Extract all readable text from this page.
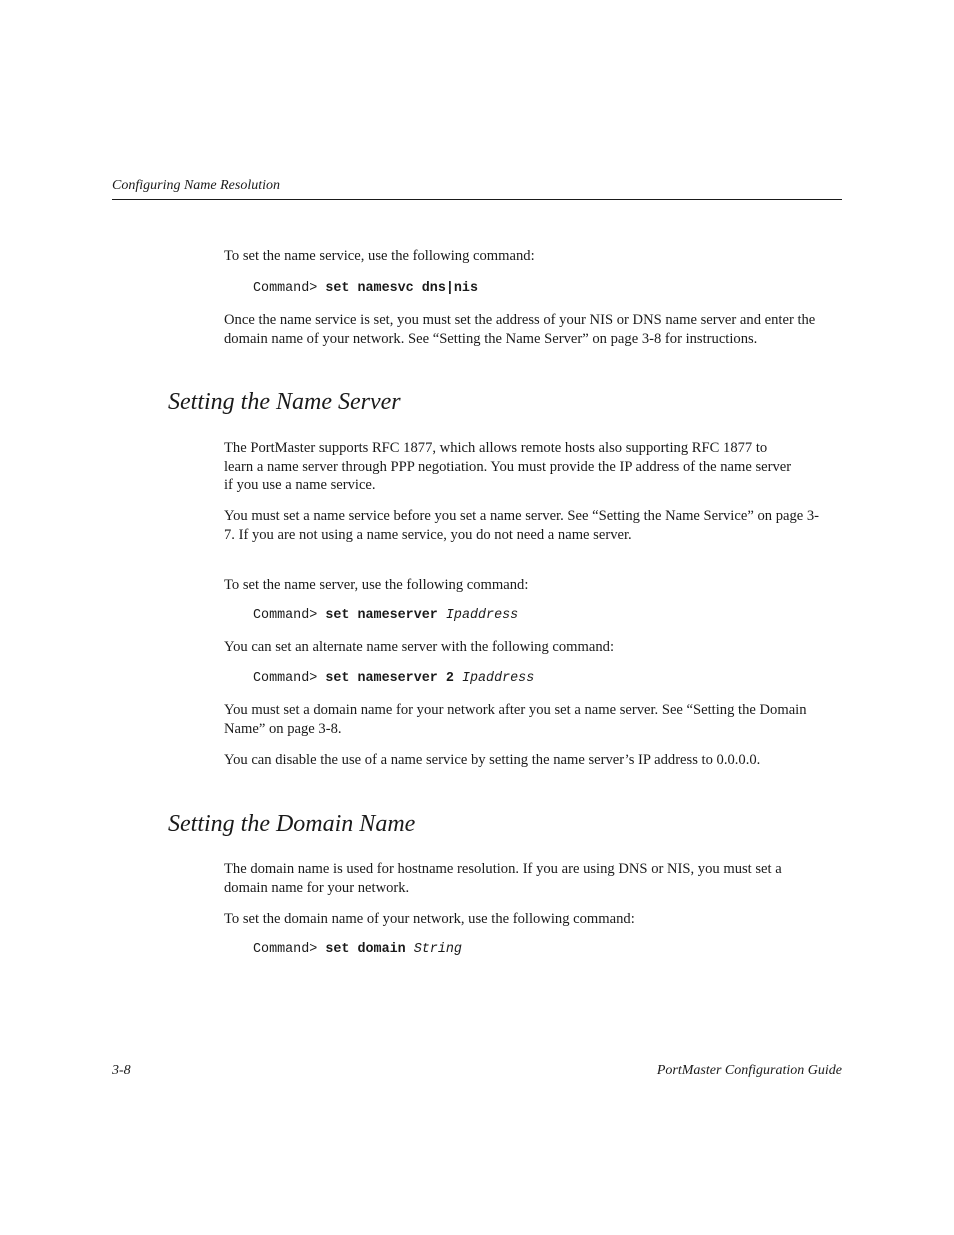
Configuring Name Resolution

To set the name service, use the following command:

Command> set namesvc dns|nis

Once the name service is set, you must set the address of your NIS or DNS name server and enter the domain name of your network. See “Setting the Name Server” on page 3-8 for instructions.

Setting the Name Server

The PortMaster supports RFC 1877, which allows remote hosts also supporting RFC 1877 to learn a name server through PPP negotiation. You must provide the IP address of the name server if you use a name service.

You must set a name service before you set a name server. See “Setting the Name Service” on page 3-7. If you are not using a name service, you do not need a name server.

To set the name server, use the following command:

Command> set nameserver Ipaddress

You can set an alternate name server with the following command:

Command> set nameserver 2 Ipaddress

You must set a domain name for your network after you set a name server. See “Setting the Domain Name” on page 3-8.

You can disable the use of a name service by setting the name server’s IP address to 0.0.0.0.

Setting the Domain Name

The domain name is used for hostname resolution. If you are using DNS or NIS, you must set a domain name for your network.

To set the domain name of your network, use the following command:

Command> set domain String
3-8	PortMaster Configuration Guide
